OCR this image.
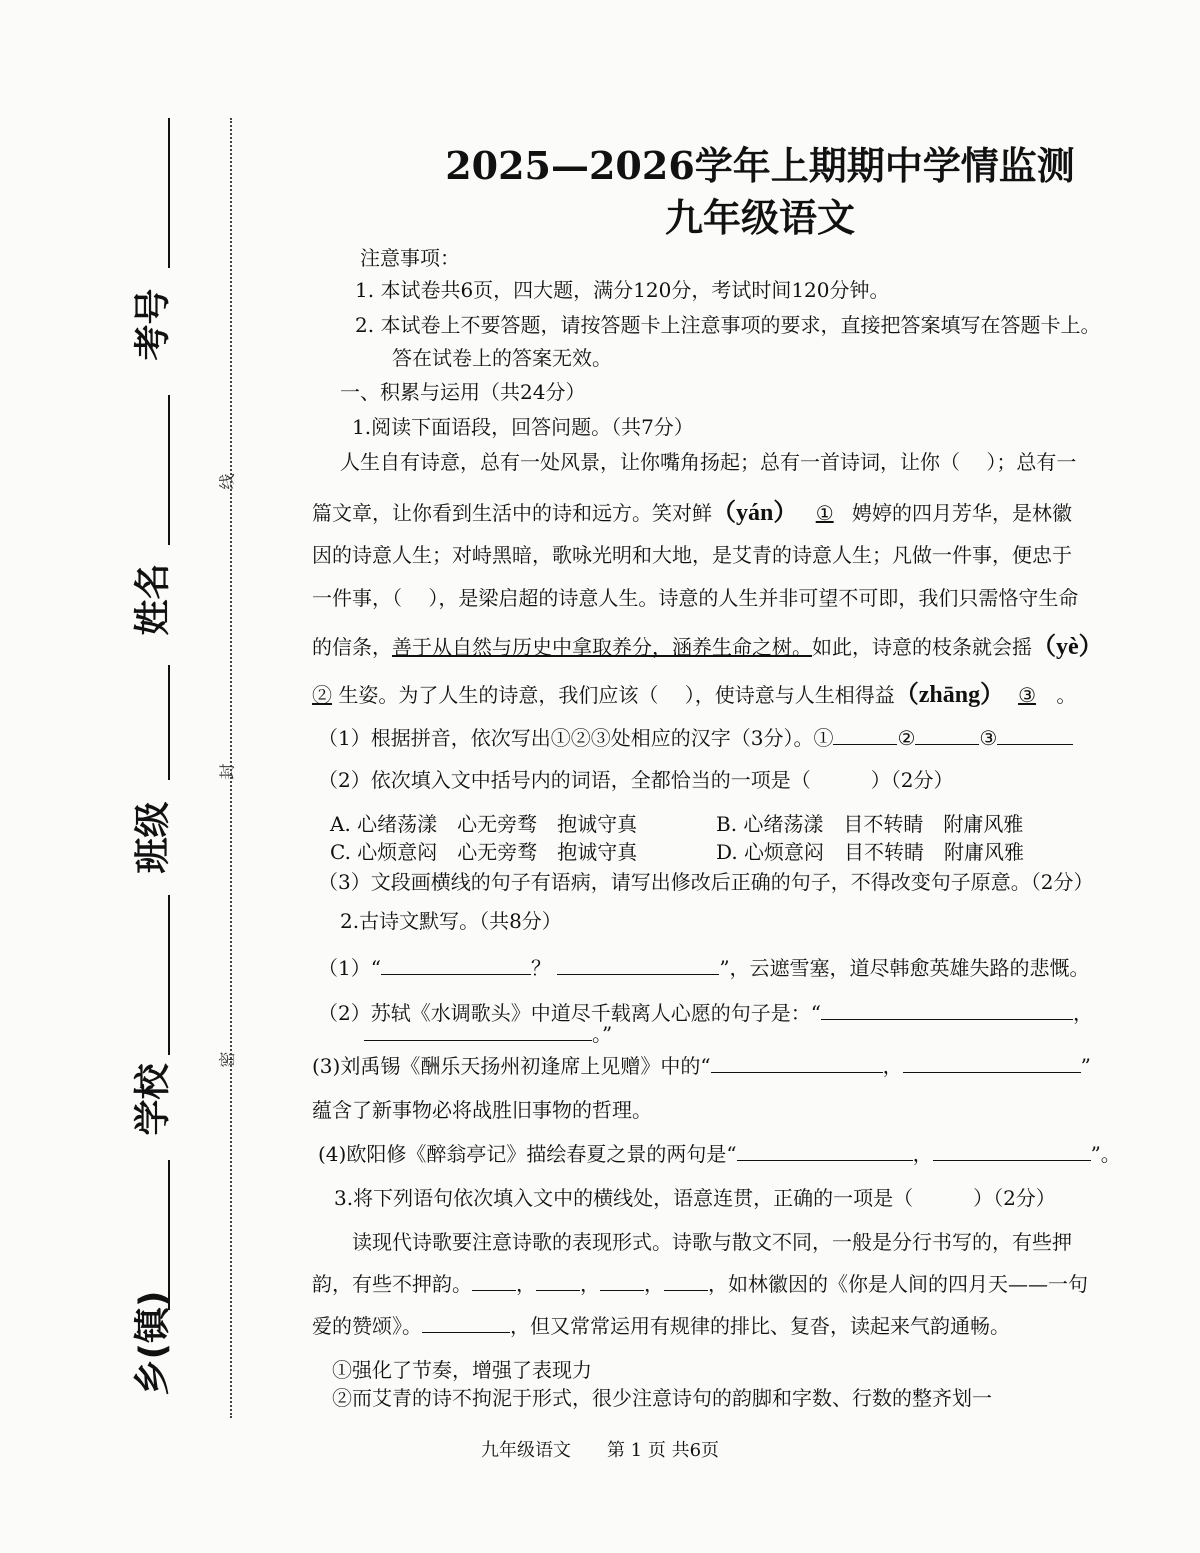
考号
姓名
班级
学校
乡(镇)
线
封
密
2025—2026学年上期期中学情监测
九年级语文
注意事项：
1. 本试卷共6页，四大题，满分120分，考试时间120分钟。
2. 本试卷上不要答题，请按答题卡上注意事项的要求，直接把答案填写在答题卡上。
答在试卷上的答案无效。
一、积累与运用（共24分）
1.阅读下面语段，回答问题。（共7分）
人生自有诗意，总有一处风景，让你嘴角扬起；总有一首诗词，让你（　 ）；总有一
篇文章，让你看到生活中的诗和远方。笑对鲜（yán） ① 娉婷的四月芳华，是林徽
因的诗意人生；对峙黑暗，歌咏光明和大地，是艾青的诗意人生；凡做一件事，便忠于
一件事，（　 ），是梁启超的诗意人生。诗意的人生并非可望不可即，我们只需恪守生命
的信条，善于从自然与历史中拿取养分，涵养生命之树。如此，诗意的枝条就会摇（yè）
② 生姿。为了人生的诗意，我们应该（　 ），使诗意与人生相得益（zhāng） ③ 。
（1）根据拼音，依次写出①②③处相应的汉字（3分）。①	②	③
（2）依次填入文中括号内的词语，全都恰当的一项是（　　　）（2分）
A. 心绪荡漾　心无旁骛　抱诚守真	B. 心绪荡漾　目不转睛　附庸风雅
C. 心烦意闷　心无旁骛　抱诚守真	D. 心烦意闷　目不转睛　附庸风雅
（3）文段画横线的句子有语病，请写出修改后正确的句子，不得改变句子原意。（2分）
2.古诗文默写。（共8分）
（1）“	？	”，云遮雪塞，道尽韩愈英雄失路的悲慨。
（2）苏轼《水调歌头》中道尽千载离人心愿的句子是：“	，
。”
(3)刘禹锡《酬乐天扬州初逢席上见赠》中的“	，	”
蕴含了新事物必将战胜旧事物的哲理。
(4)欧阳修《醉翁亭记》描绘春夏之景的两句是“	，	”。
3.将下列语句依次填入文中的横线处，语意连贯，正确的一项是（　　　）（2分）
读现代诗歌要注意诗歌的表现形式。诗歌与散文不同，一般是分行书写的，有些押
韵，有些不押韵。 ， ， ， ，如林徽因的《你是人间的四月天——一句
爱的赞颂》。	，但又常常运用有规律的排比、复沓，读起来气韵通畅。
①强化了节奏，增强了表现力
②而艾青的诗不拘泥于形式，很少注意诗句的韵脚和字数、行数的整齐划一
九年级语文　　第 1 页 共6页
